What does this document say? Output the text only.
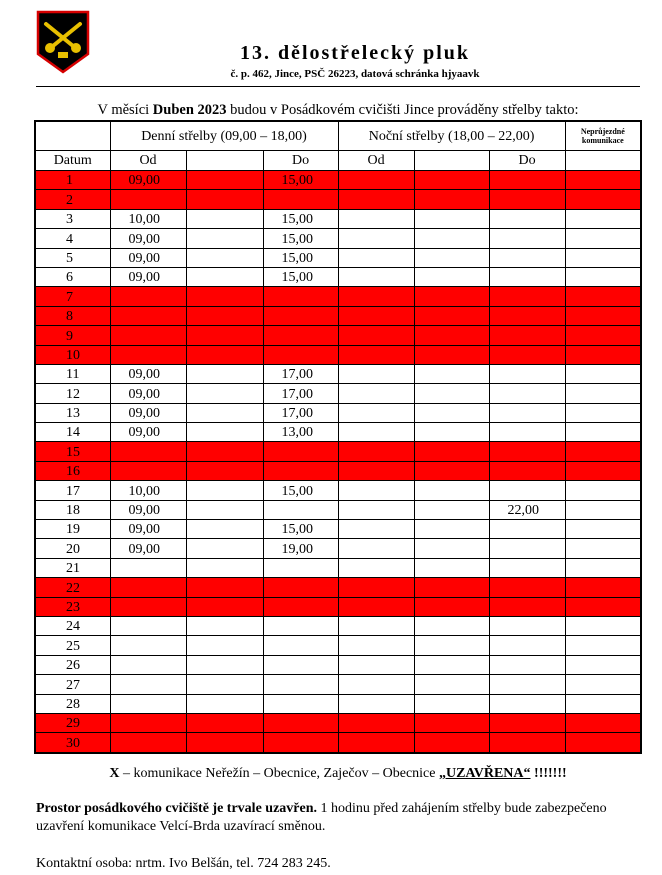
13. dělostřelecký pluk
č. p. 462, Jince, PSČ 26223, datová schránka hjyaavk
V měsíci Duben 2023 budou v Posádkovém cvičišti Jince prováděny střelby takto:
	Denní střelby (09,00 – 18,00)			Noční střelby (18,00 – 22,00)			Neprůjezdné komunikace
Datum	Od		Do	Od		Do	
1	09,00		15,00				
2							
3	10,00		15,00				
4	09,00		15,00				
5	09,00		15,00				
6	09,00		15,00				
7							
8							
9							
10							
11	09,00		17,00				
12	09,00		17,00				
13	09,00		17,00				
14	09,00		13,00				
15							
16							
17	10,00		15,00				
18	09,00					22,00	
19	09,00		15,00				
20	09,00		19,00				
21							
22							
23							
24							
25							
26							
27							
28							
29							
30							
X – komunikace Neřežín – Obecnice, Zaječov – Obecnice „UZAVŘENA“ !!!!!!!
Prostor posádkového cvičiště je trvale uzavřen. 1 hodinu před zahájením střelby bude zabezpečeno uzavření komunikace Velcí-Brda uzavírací směnou.
Kontaktní osoba: nrtm. Ivo Belšán, tel. 724 283 245.
